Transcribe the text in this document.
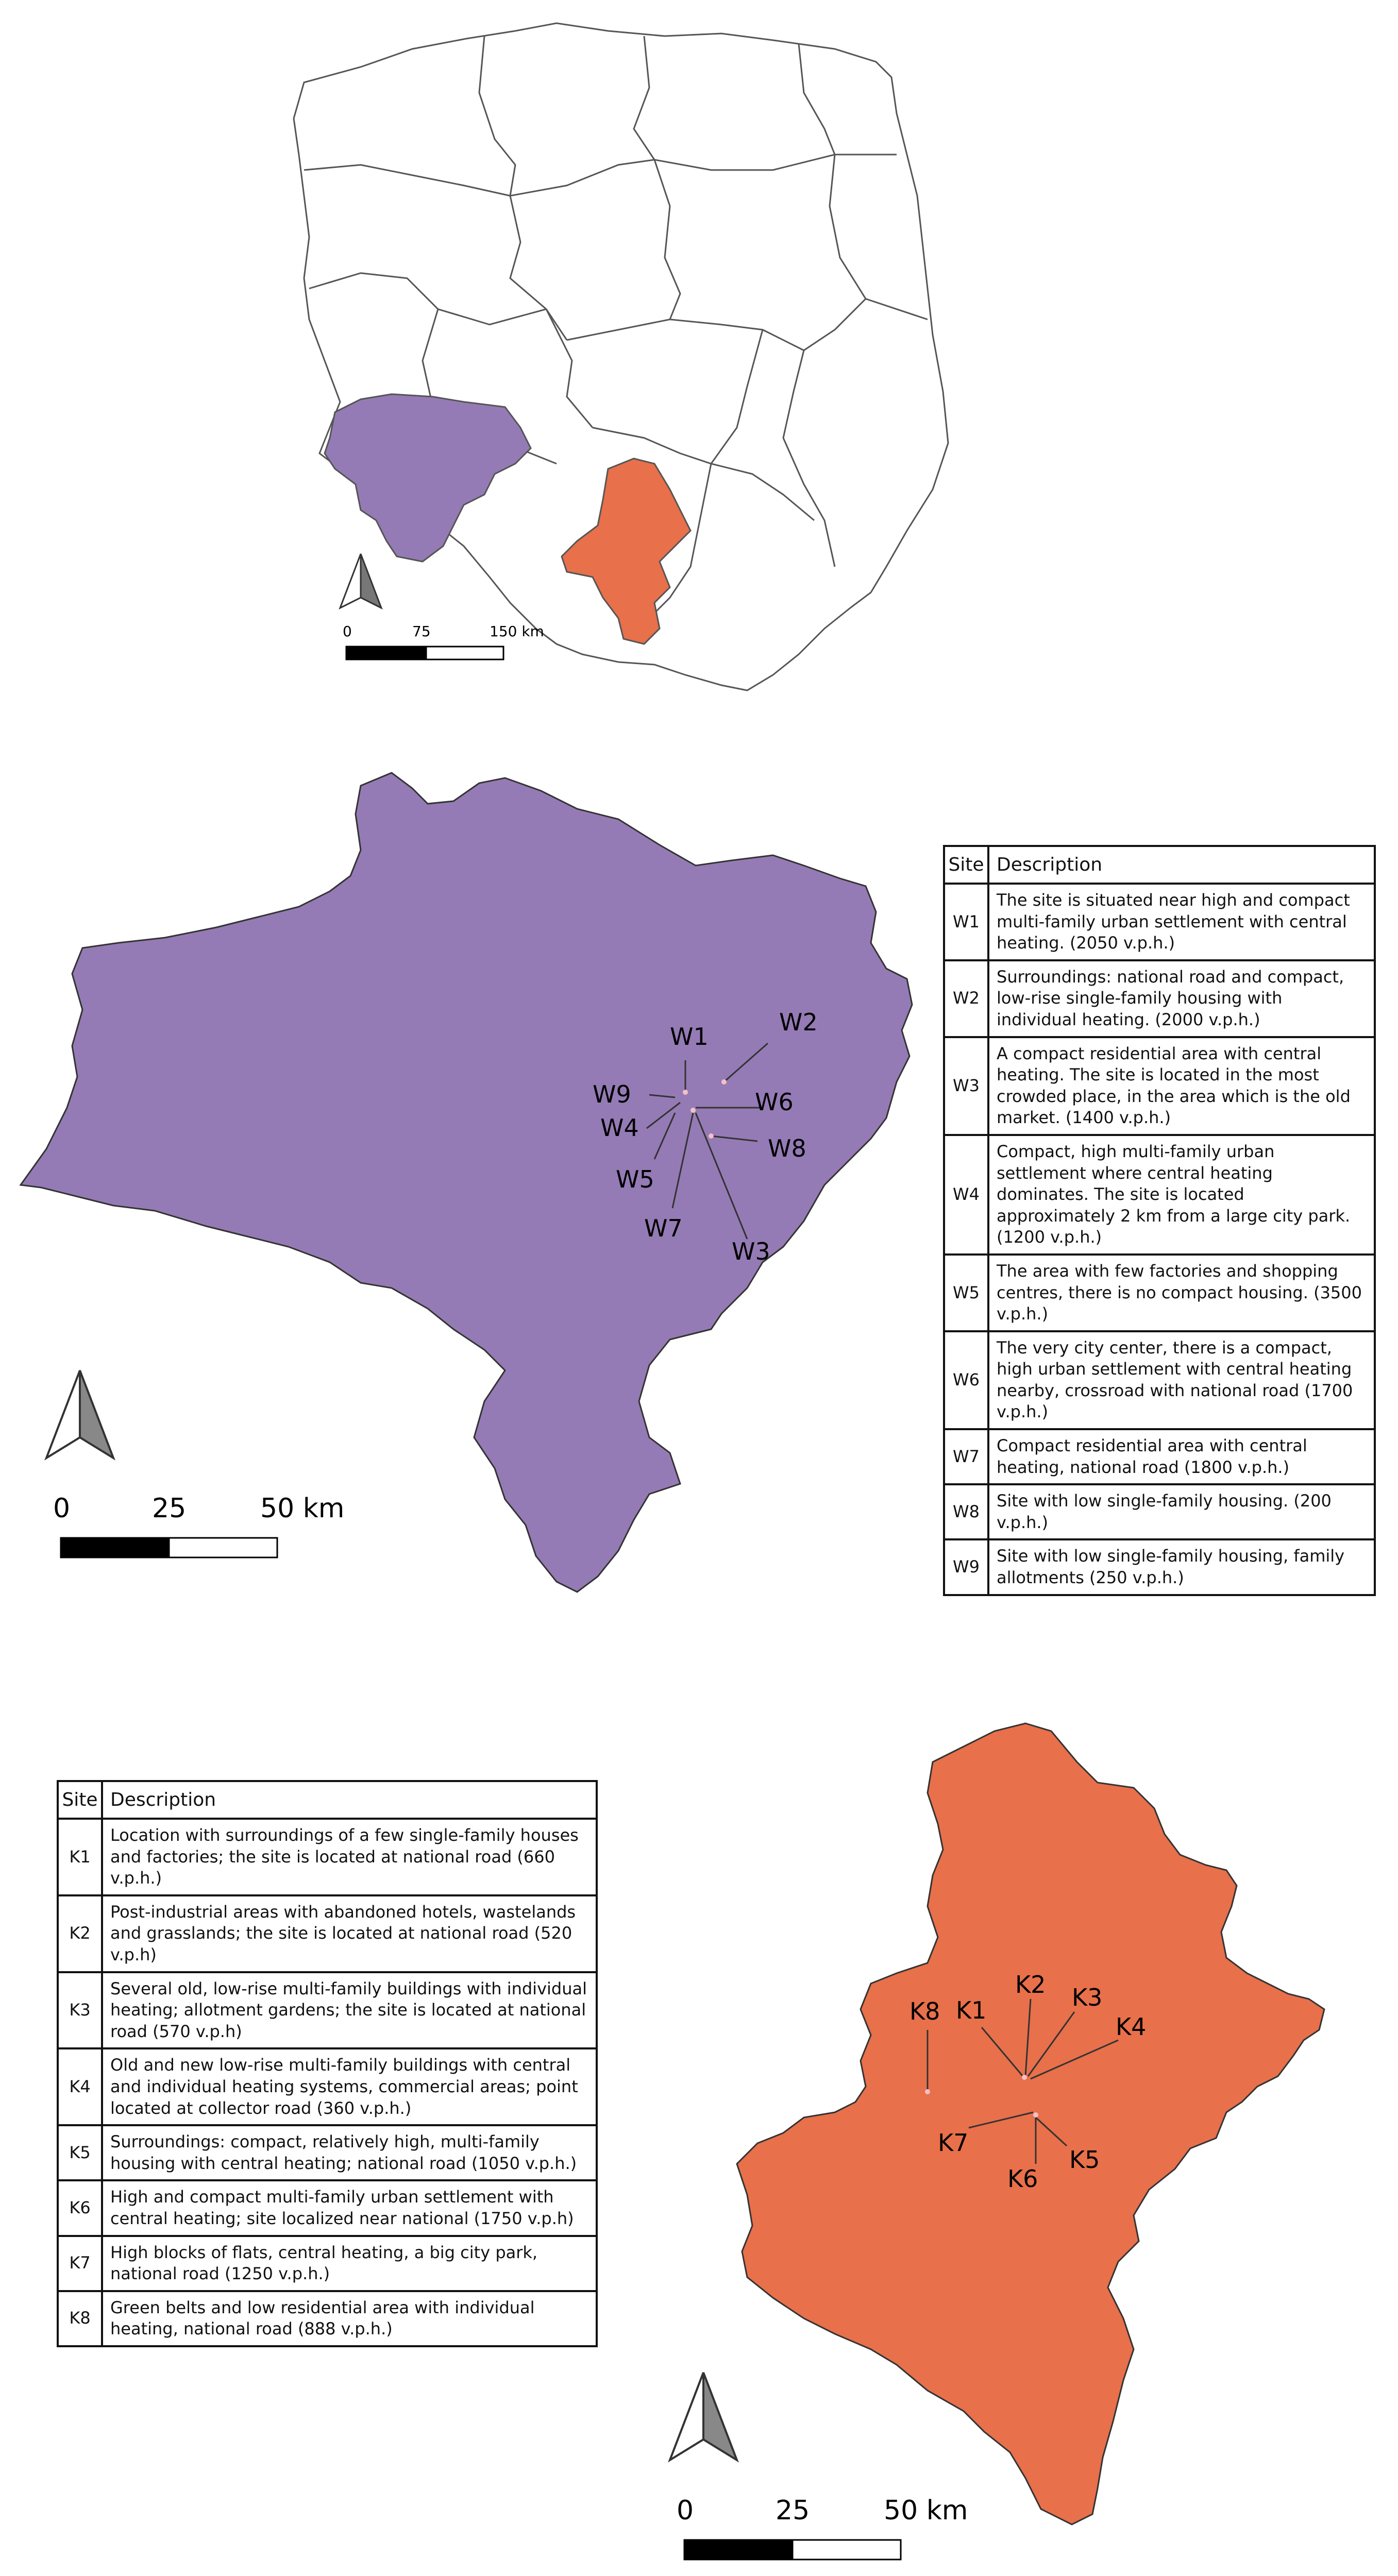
0	75	150 km
W1
W2
W3
W4
W5
W6
W7
W8
W9
0	25	50 km
K1
K2 K3
K4
K5
K6
K7
K8
0	25	50 km
Site	Description
W1	The site is situated near high and compact multi-family urban settlement with central heating. (2050 v.p.h.)
W2	Surroundings: national road and compact, low-rise single-family housing with individual heating. (2000 v.p.h.)
W3	A compact residential area with central heating. The site is located in the most crowded place, in the area which is the old market. (1400 v.p.h.)
W4	Compact, high multi-family urban settlement where central heating dominates. The site is located approximately 2 km from a large city park. (1200 v.p.h.)
W5	The area with few factories and shopping centres, there is no compact housing. (3500 v.p.h.)
W6	The very city center, there is a compact, high urban settlement with central heating nearby, crossroad with national road (1700 v.p.h.)
W7	Compact residential area with central heating, national road (1800 v.p.h.)
W8	Site with low single-family housing. (200 v.p.h.)
W9	Site with low single-family housing, family allotments (250 v.p.h.)
Site	Description
K1	Location with surroundings of a few single-family houses and factories; the site is located at national road (660 v.p.h.)
K2	Post-industrial areas with abandoned hotels, wastelands and grasslands; the site is located at national road (520 v.p.h)
K3	Several old, low-rise multi-family buildings with individual heating; allotment gardens; the site is located at national road (570 v.p.h)
K4	Old and new low-rise multi-family buildings with central and individual heating systems, commercial areas; point located at collector road (360 v.p.h.)
K5	Surroundings: compact, relatively high, multi-family housing with central heating; national road (1050 v.p.h.)
K6	High and compact multi-family urban settlement with central heating; site localized near national (1750 v.p.h)
K7	High blocks of flats, central heating, a big city park, national road (1250 v.p.h.)
K8	Green belts and low residential area with individual heating, national road (888 v.p.h.)
